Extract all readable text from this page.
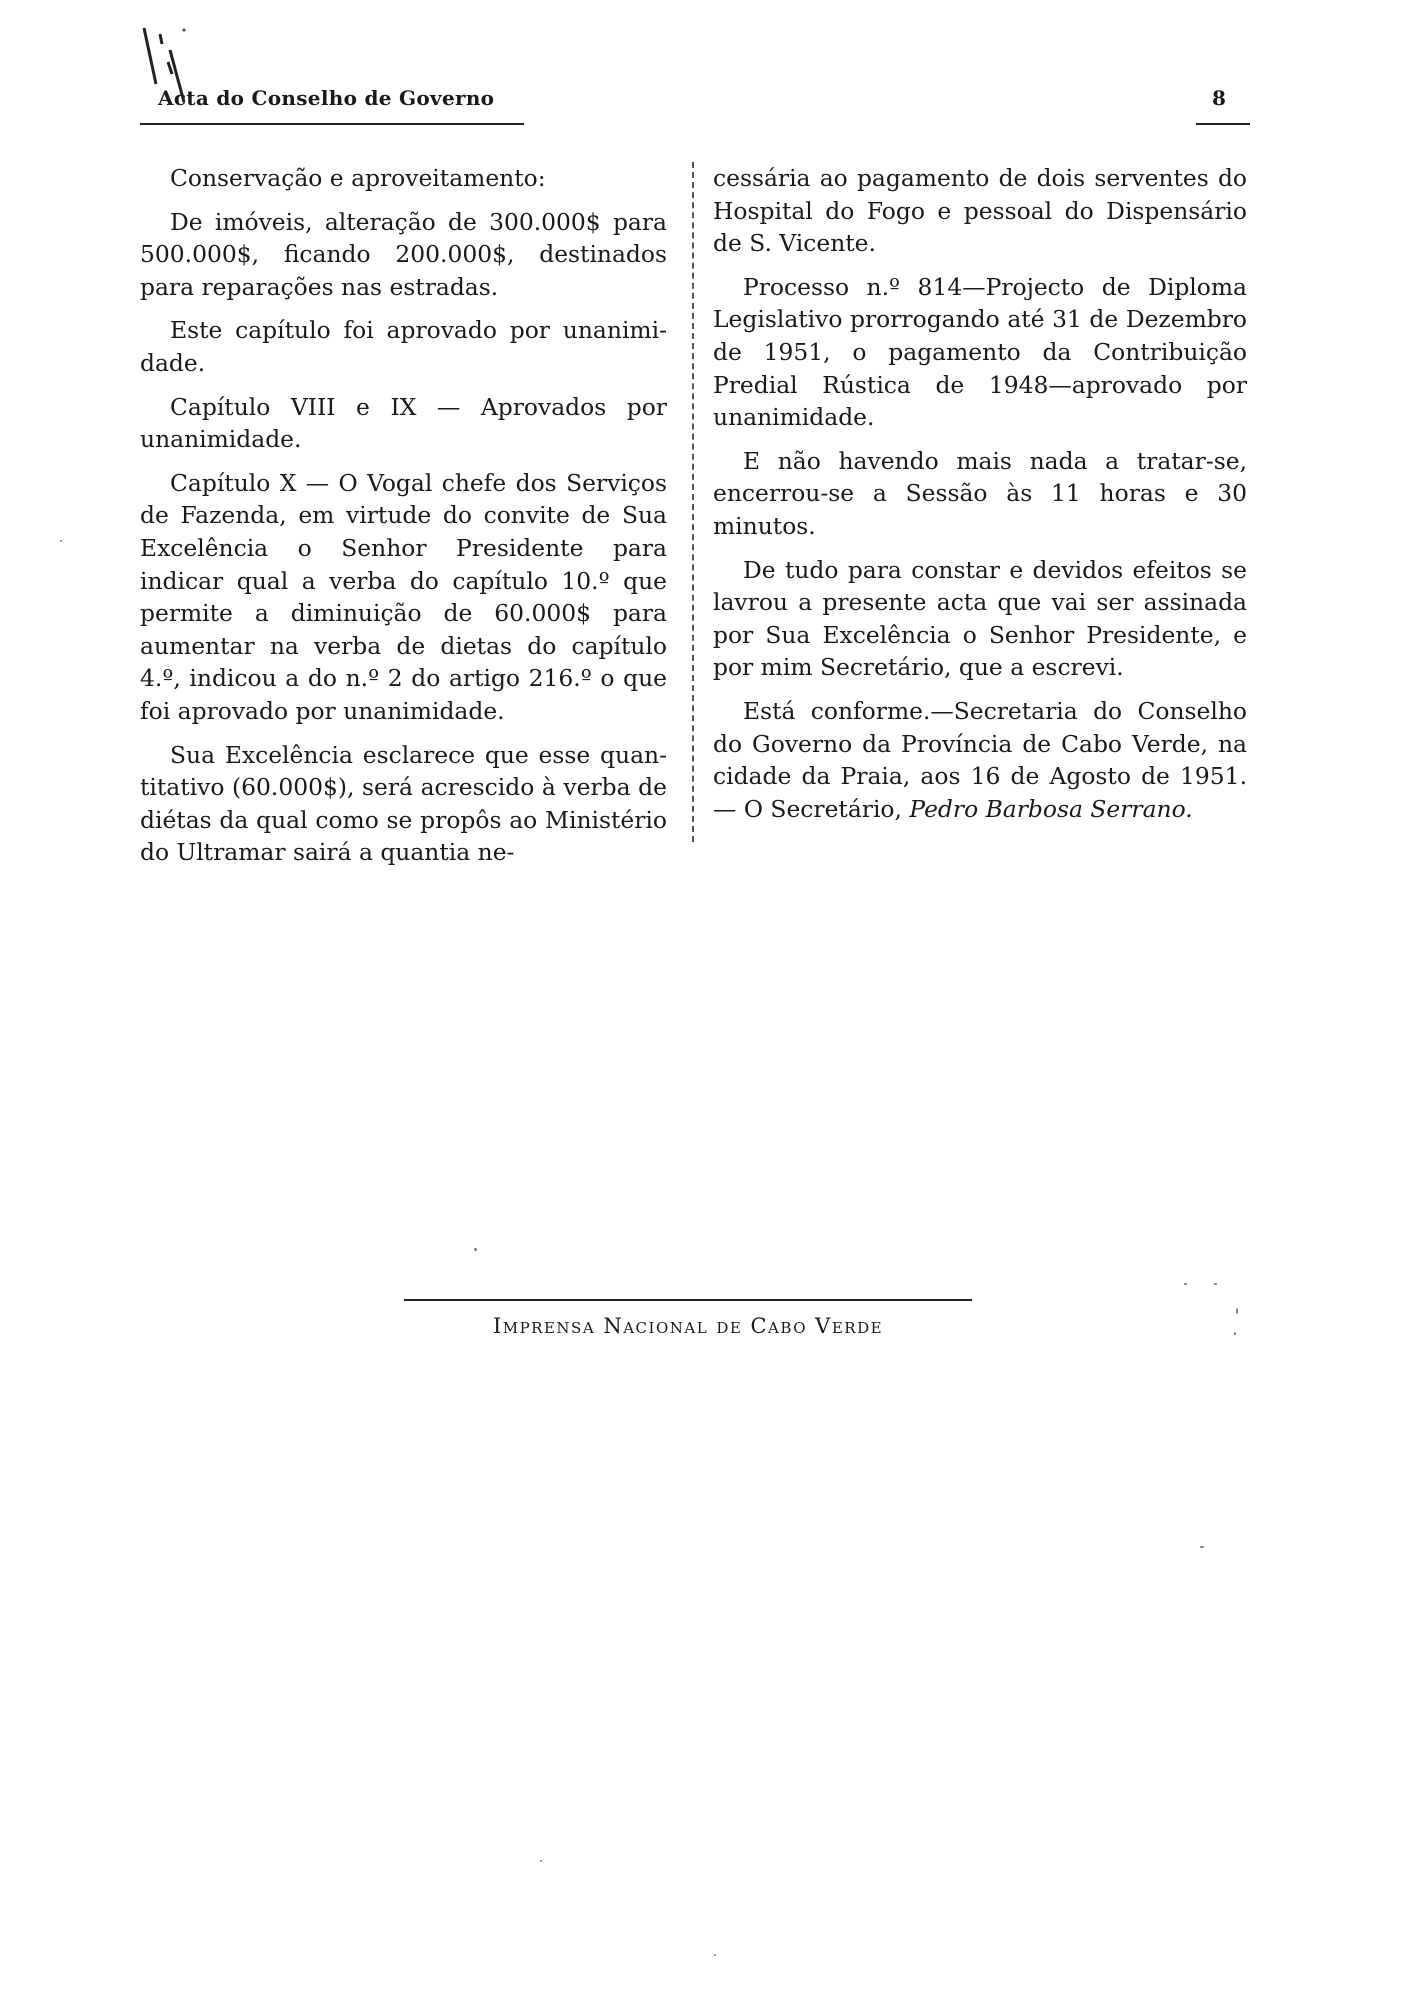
Acta do Conselho de Governo	8

Conservação e aproveitamento:

De imóveis, alteração de 300.000$ para 500.000$, ficando 200.000$, destinados para reparações nas estradas.

Este capítulo foi aprovado por unanimidade.

Capítulo VIII e IX — Aprovados por unanimidade.

Capítulo X — O Vogal chefe dos Serviços de Fazenda, em virtude do convite de Sua Excelência o Senhor Presidente para indicar qual a verba do capítulo 10.º que permite a diminuição de 60.000$ para aumentar na verba de dietas do capítulo 4.º, indicou a do n.º 2 do artigo 216.º o que foi aprovado por unanimidade.

Sua Excelência esclarece que esse quantitativo (60.000$), será acrescido à verba de diétas da qual como se propôs ao Ministério do Ultramar sairá a quantia ne-

cessária ao pagamento de dois serventes do Hospital do Fogo e pessoal do Dispensário de S. Vicente.

Processo n.º 814—Projecto de Diploma Legislativo prorrogando até 31 de Dezembro de 1951, o pagamento da Contribuição Predial Rústica de 1948—aprovado por unanimidade.

E não havendo mais nada a tratar-se, encerrou-se a Sessão às 11 horas e 30 minutos.

De tudo para constar e devidos efeitos se lavrou a presente acta que vai ser assinada por Sua Excelência o Senhor Presidente, e por mim Secretário, que a escrevi.

Está conforme.—Secretaria do Conselho do Governo da Província de Cabo Verde, na cidade da Praia, aos 16 de Agosto de 1951.— O Secretário, Pedro Barbosa Serrano.

Imprensa Nacional de Cabo Verde
